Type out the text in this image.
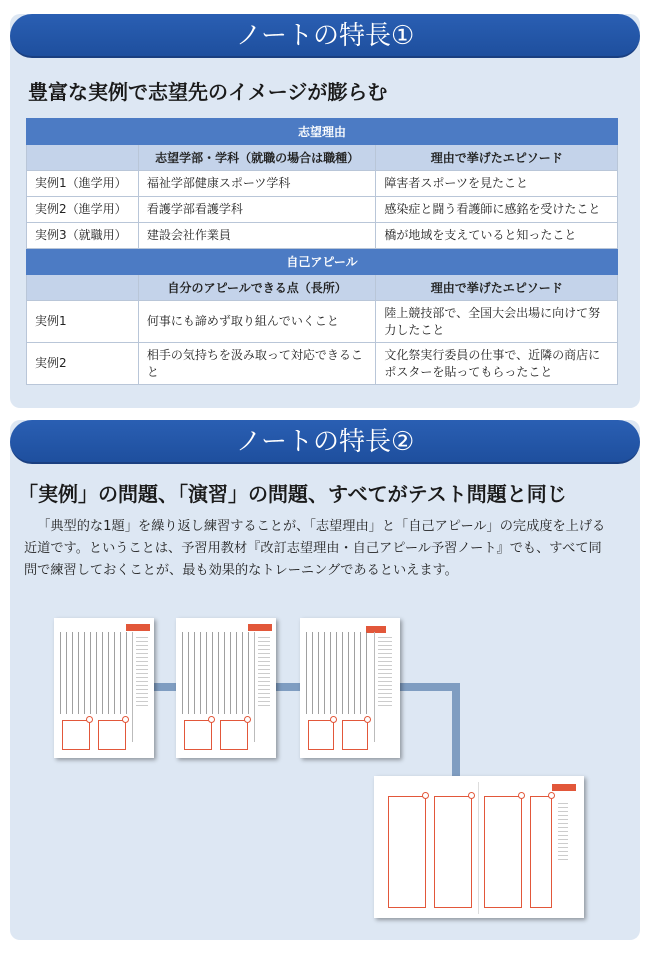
ノートの特長①
豊富な実例で志望先のイメージが膨らむ
志望理由		
	志望学部・学科（就職の場合は職種）	理由で挙げたエピソード
実例1（進学用）	福祉学部健康スポーツ学科	障害者スポーツを見たこと
実例2（進学用）	看護学部看護学科	感染症と闘う看護師に感銘を受けたこと
実例3（就職用）	建設会社作業員	橋が地域を支えていると知ったこと
自己アピール		
	自分のアピールできる点（長所）	理由で挙げたエピソード
実例1	何事にも諦めず取り組んでいくこと	陸上競技部で、全国大会出場に向けて努力したこと
実例2	相手の気持ちを汲み取って対応できること	文化祭実行委員の仕事で、近隣の商店にポスターを貼ってもらったこと
ノートの特長②
「実例」の問題、「演習」の問題、すべてがテスト問題と同じ

「典型的な1題」を繰り返し練習することが、「志望理由」と「自己アピール」の完成度を上げる近道です。ということは、予習用教材『改訂志望理由・自己アピール予習ノート』でも、すべて同問で練習しておくことが、最も効果的なトレーニングであるといえます。
